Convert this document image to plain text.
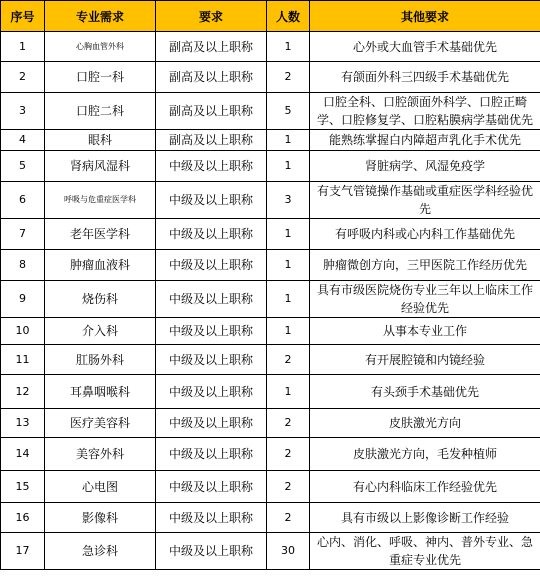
序号	专业需求	要求	人数	其他要求
1	心胸血管外科	副高及以上职称	1	心外或大血管手术基础优先
2	口腔一科	副高及以上职称	2	有颌面外科三四级手术基础优先
3	口腔二科	副高及以上职称	5	口腔全科、口腔颌面外科学、口腔正畸学、口腔修复学、口腔粘膜病学基础优先
4	眼科	副高及以上职称	1	能熟练掌握白内障超声乳化手术优先
5	肾病风湿科	中级及以上职称	1	肾脏病学、风湿免疫学
6	呼吸与危重症医学科	中级及以上职称	3	有支气管镜操作基础或重症医学科经验优先
7	老年医学科	中级及以上职称	1	有呼吸内科或心内科工作基础优先
8	肿瘤血液科	中级及以上职称	1	肿瘤微创方向，三甲医院工作经历优先
9	烧伤科	中级及以上职称	1	具有市级医院烧伤专业三年以上临床工作经验优先
10	介入科	中级及以上职称	1	从事本专业工作
11	肛肠外科	中级及以上职称	2	有开展腔镜和内镜经验
12	耳鼻咽喉科	中级及以上职称	1	有头颈手术基础优先
13	医疗美容科	中级及以上职称	2	皮肤激光方向
14	美容外科	中级及以上职称	2	皮肤激光方向，毛发种植师
15	心电图	中级及以上职称	2	有心内科临床工作经验优先
16	影像科	中级及以上职称	2	具有市级以上影像诊断工作经验
17	急诊科	中级及以上职称	30	心内、消化、呼吸、神内、普外专业、急重症专业优先
